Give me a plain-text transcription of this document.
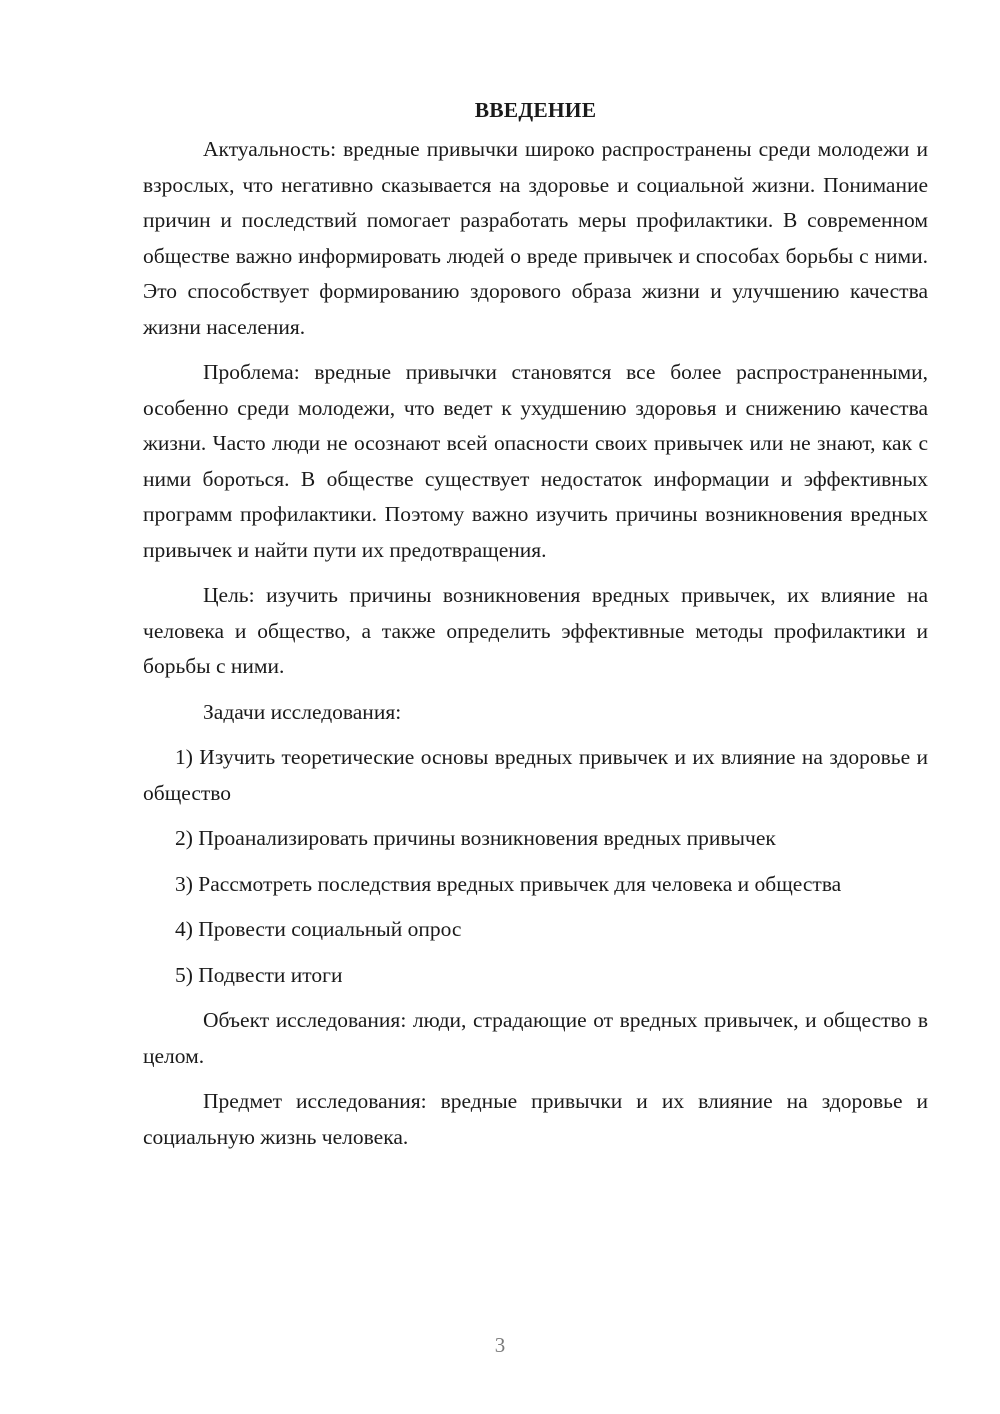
ВВЕДЕНИЕ

Актуальность: вредные привычки широко распространены среди молодежи и взрослых, что негативно сказывается на здоровье и социальной жизни. Понимание причин и последствий помогает разработать меры профилактики. В современном обществе важно информировать людей о вреде привычек и способах борьбы с ними. Это способствует формированию здорового образа жизни и улучшению качества жизни населения.

Проблема: вредные привычки становятся все более распространенными, особенно среди молодежи, что ведет к ухудшению здоровья и снижению качества жизни. Часто люди не осознают всей опасности своих привычек или не знают, как с ними бороться. В обществе существует недостаток информации и эффективных программ профилактики. Поэтому важно изучить причины возникновения вредных привычек и найти пути их предотвращения.

Цель: изучить причины возникновения вредных привычек, их влияние на человека и общество, а также определить эффективные методы профилактики и борьбы с ними.

Задачи исследования:

1) Изучить теоретические основы вредных привычек и их влияние на здоровье и общество

2) Проанализировать причины возникновения вредных привычек

3) Рассмотреть последствия вредных привычек для человека и общества

4) Провести социальный опрос

5) Подвести итоги

Объект исследования: люди, страдающие от вредных привычек, и общество в целом.

Предмет исследования: вредные привычки и их влияние на здоровье и социальную жизнь человека.

3
